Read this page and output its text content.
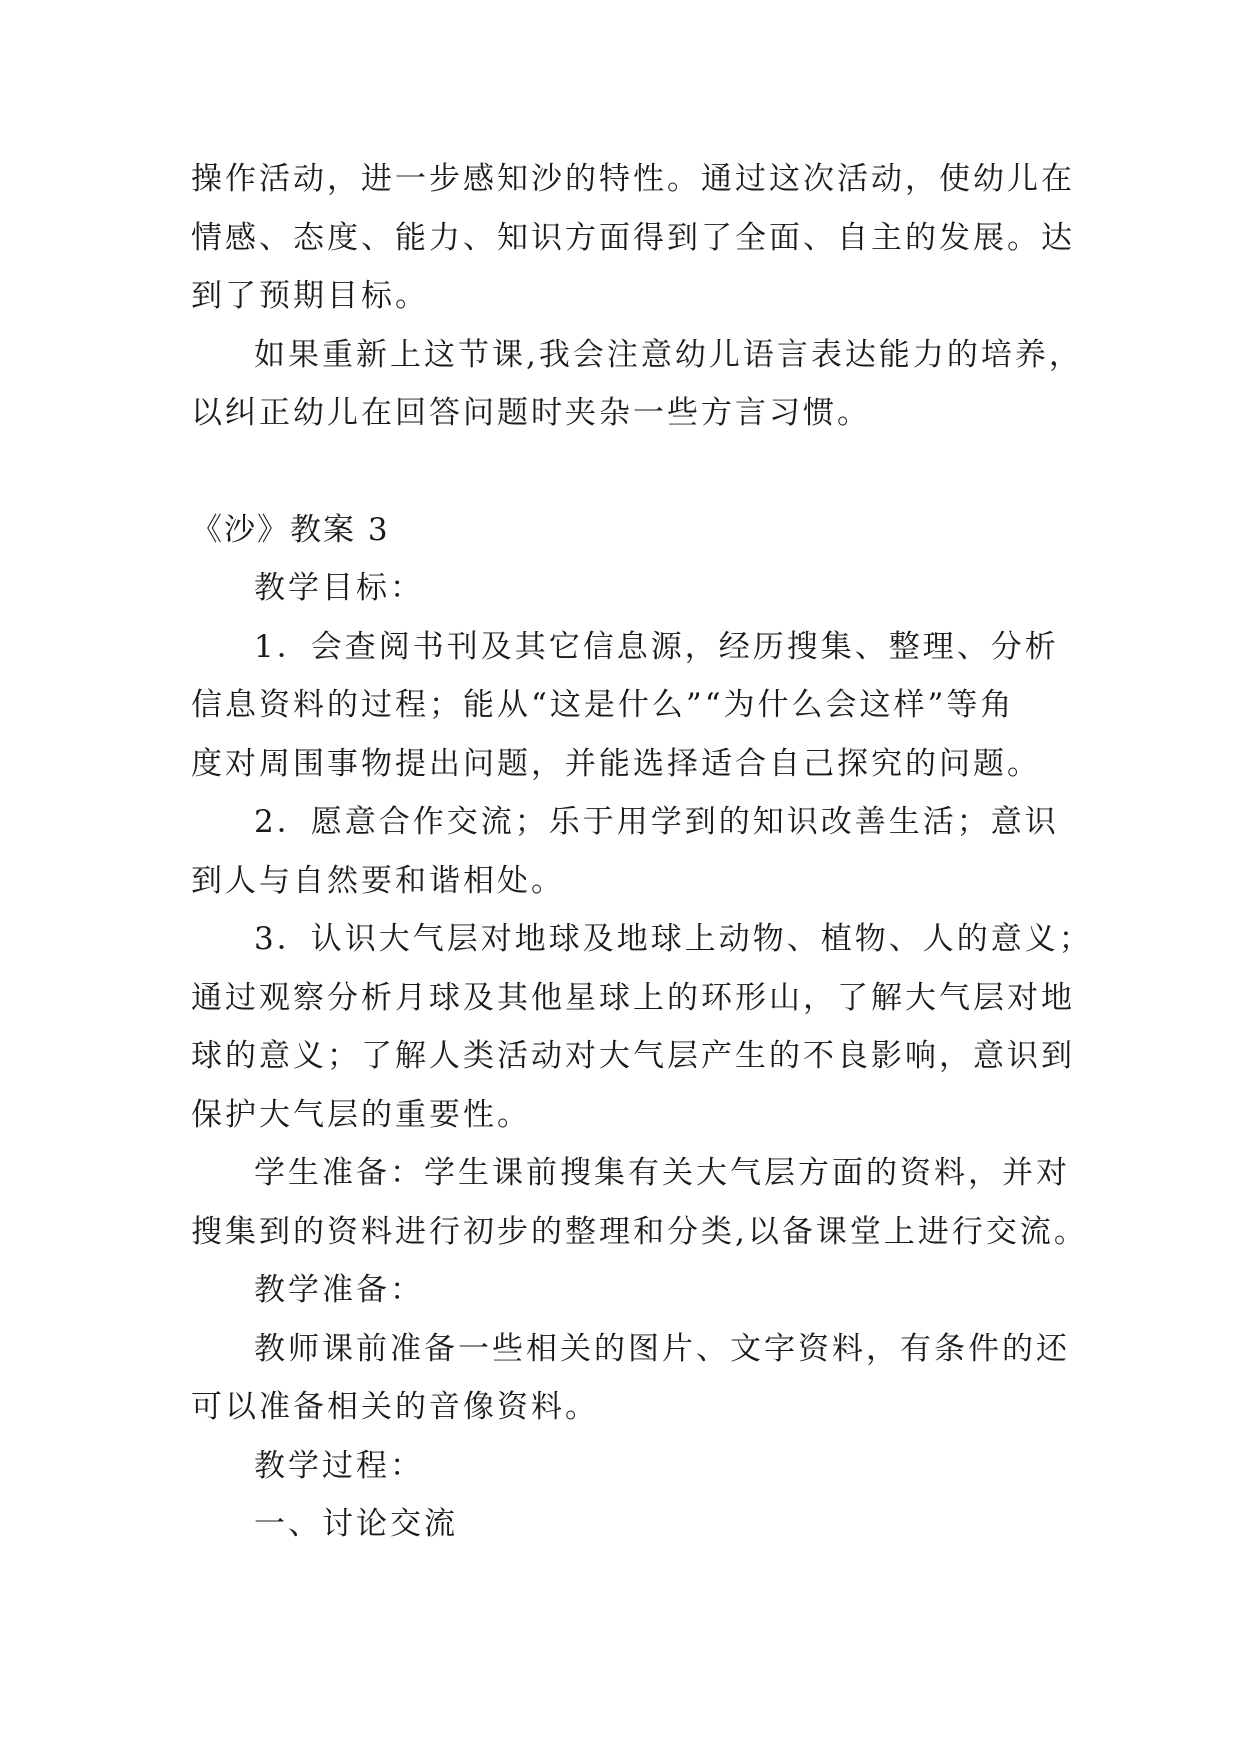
操作活动，进一步感知沙的特性。通过这次活动，使幼儿在
情感、态度、能力、知识方面得到了全面、自主的发展。达
到了预期目标。
如果重新上这节课,我会注意幼儿语言表达能力的培养，
以纠正幼儿在回答问题时夹杂一些方言习惯。
《沙》教案 3
教学目标：
1．会查阅书刊及其它信息源，经历搜集、整理、分析
信息资料的过程；能从“这是什么”“为什么会这样”等角
度对周围事物提出问题，并能选择适合自己探究的问题。
2．愿意合作交流；乐于用学到的知识改善生活；意识
到人与自然要和谐相处。
3．认识大气层对地球及地球上动物、植物、人的意义；
通过观察分析月球及其他星球上的环形山，了解大气层对地
球的意义；了解人类活动对大气层产生的不良影响，意识到
保护大气层的重要性。
学生准备：学生课前搜集有关大气层方面的资料，并对
搜集到的资料进行初步的整理和分类,以备课堂上进行交流。
教学准备：
教师课前准备一些相关的图片、文字资料，有条件的还
可以准备相关的音像资料。
教学过程：
一、讨论交流
